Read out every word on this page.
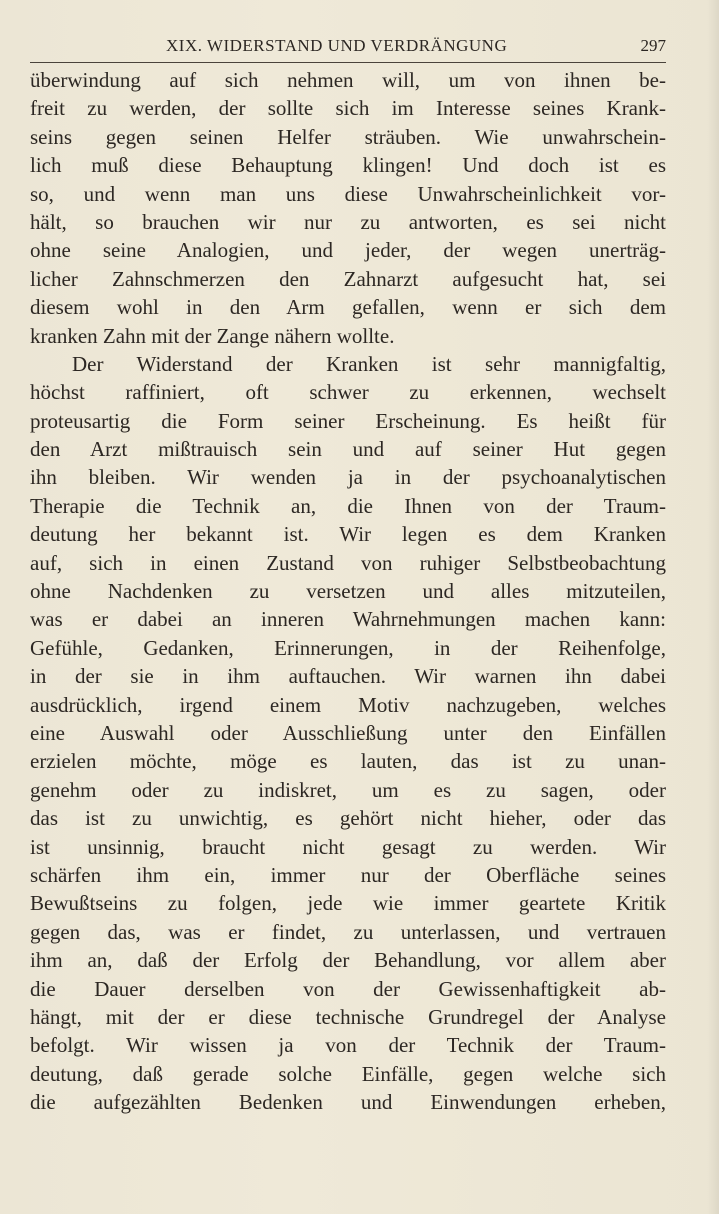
XIX. WIDERSTAND UND VERDRÄNGUNG	297
überwindung auf sich nehmen will, um von ihnen be-
freit zu werden, der sollte sich im Interesse seines Krank-
seins gegen seinen Helfer sträuben. Wie unwahrschein-
lich muß diese Behauptung klingen! Und doch ist es
so, und wenn man uns diese Unwahrscheinlichkeit vor-
hält, so brauchen wir nur zu antworten, es sei nicht
ohne seine Analogien, und jeder, der wegen unerträg-
licher Zahnschmerzen den Zahnarzt aufgesucht hat, sei
diesem wohl in den Arm gefallen, wenn er sich dem
kranken Zahn mit der Zange nähern wollte.
Der Widerstand der Kranken ist sehr mannigfaltig,
höchst raffiniert, oft schwer zu erkennen, wechselt
proteusartig die Form seiner Erscheinung. Es heißt für
den Arzt mißtrauisch sein und auf seiner Hut gegen
ihn bleiben. Wir wenden ja in der psychoanalytischen
Therapie die Technik an, die Ihnen von der Traum-
deutung her bekannt ist. Wir legen es dem Kranken
auf, sich in einen Zustand von ruhiger Selbstbeobachtung
ohne Nachdenken zu versetzen und alles mitzuteilen,
was er dabei an inneren Wahrnehmungen machen kann:
Gefühle, Gedanken, Erinnerungen, in der Reihenfolge,
in der sie in ihm auftauchen. Wir warnen ihn dabei
ausdrücklich, irgend einem Motiv nachzugeben, welches
eine Auswahl oder Ausschließung unter den Einfällen
erzielen möchte, möge es lauten, das ist zu unan-
genehm oder zu indiskret, um es zu sagen, oder
das ist zu unwichtig, es gehört nicht hieher, oder das
ist unsinnig, braucht nicht gesagt zu werden. Wir
schärfen ihm ein, immer nur der Oberfläche seines
Bewußtseins zu folgen, jede wie immer geartete Kritik
gegen das, was er findet, zu unterlassen, und vertrauen
ihm an, daß der Erfolg der Behandlung, vor allem aber
die Dauer derselben von der Gewissenhaftigkeit ab-
hängt, mit der er diese technische Grundregel der Analyse
befolgt. Wir wissen ja von der Technik der Traum-
deutung, daß gerade solche Einfälle, gegen welche sich
die aufgezählten Bedenken und Einwendungen erheben,
